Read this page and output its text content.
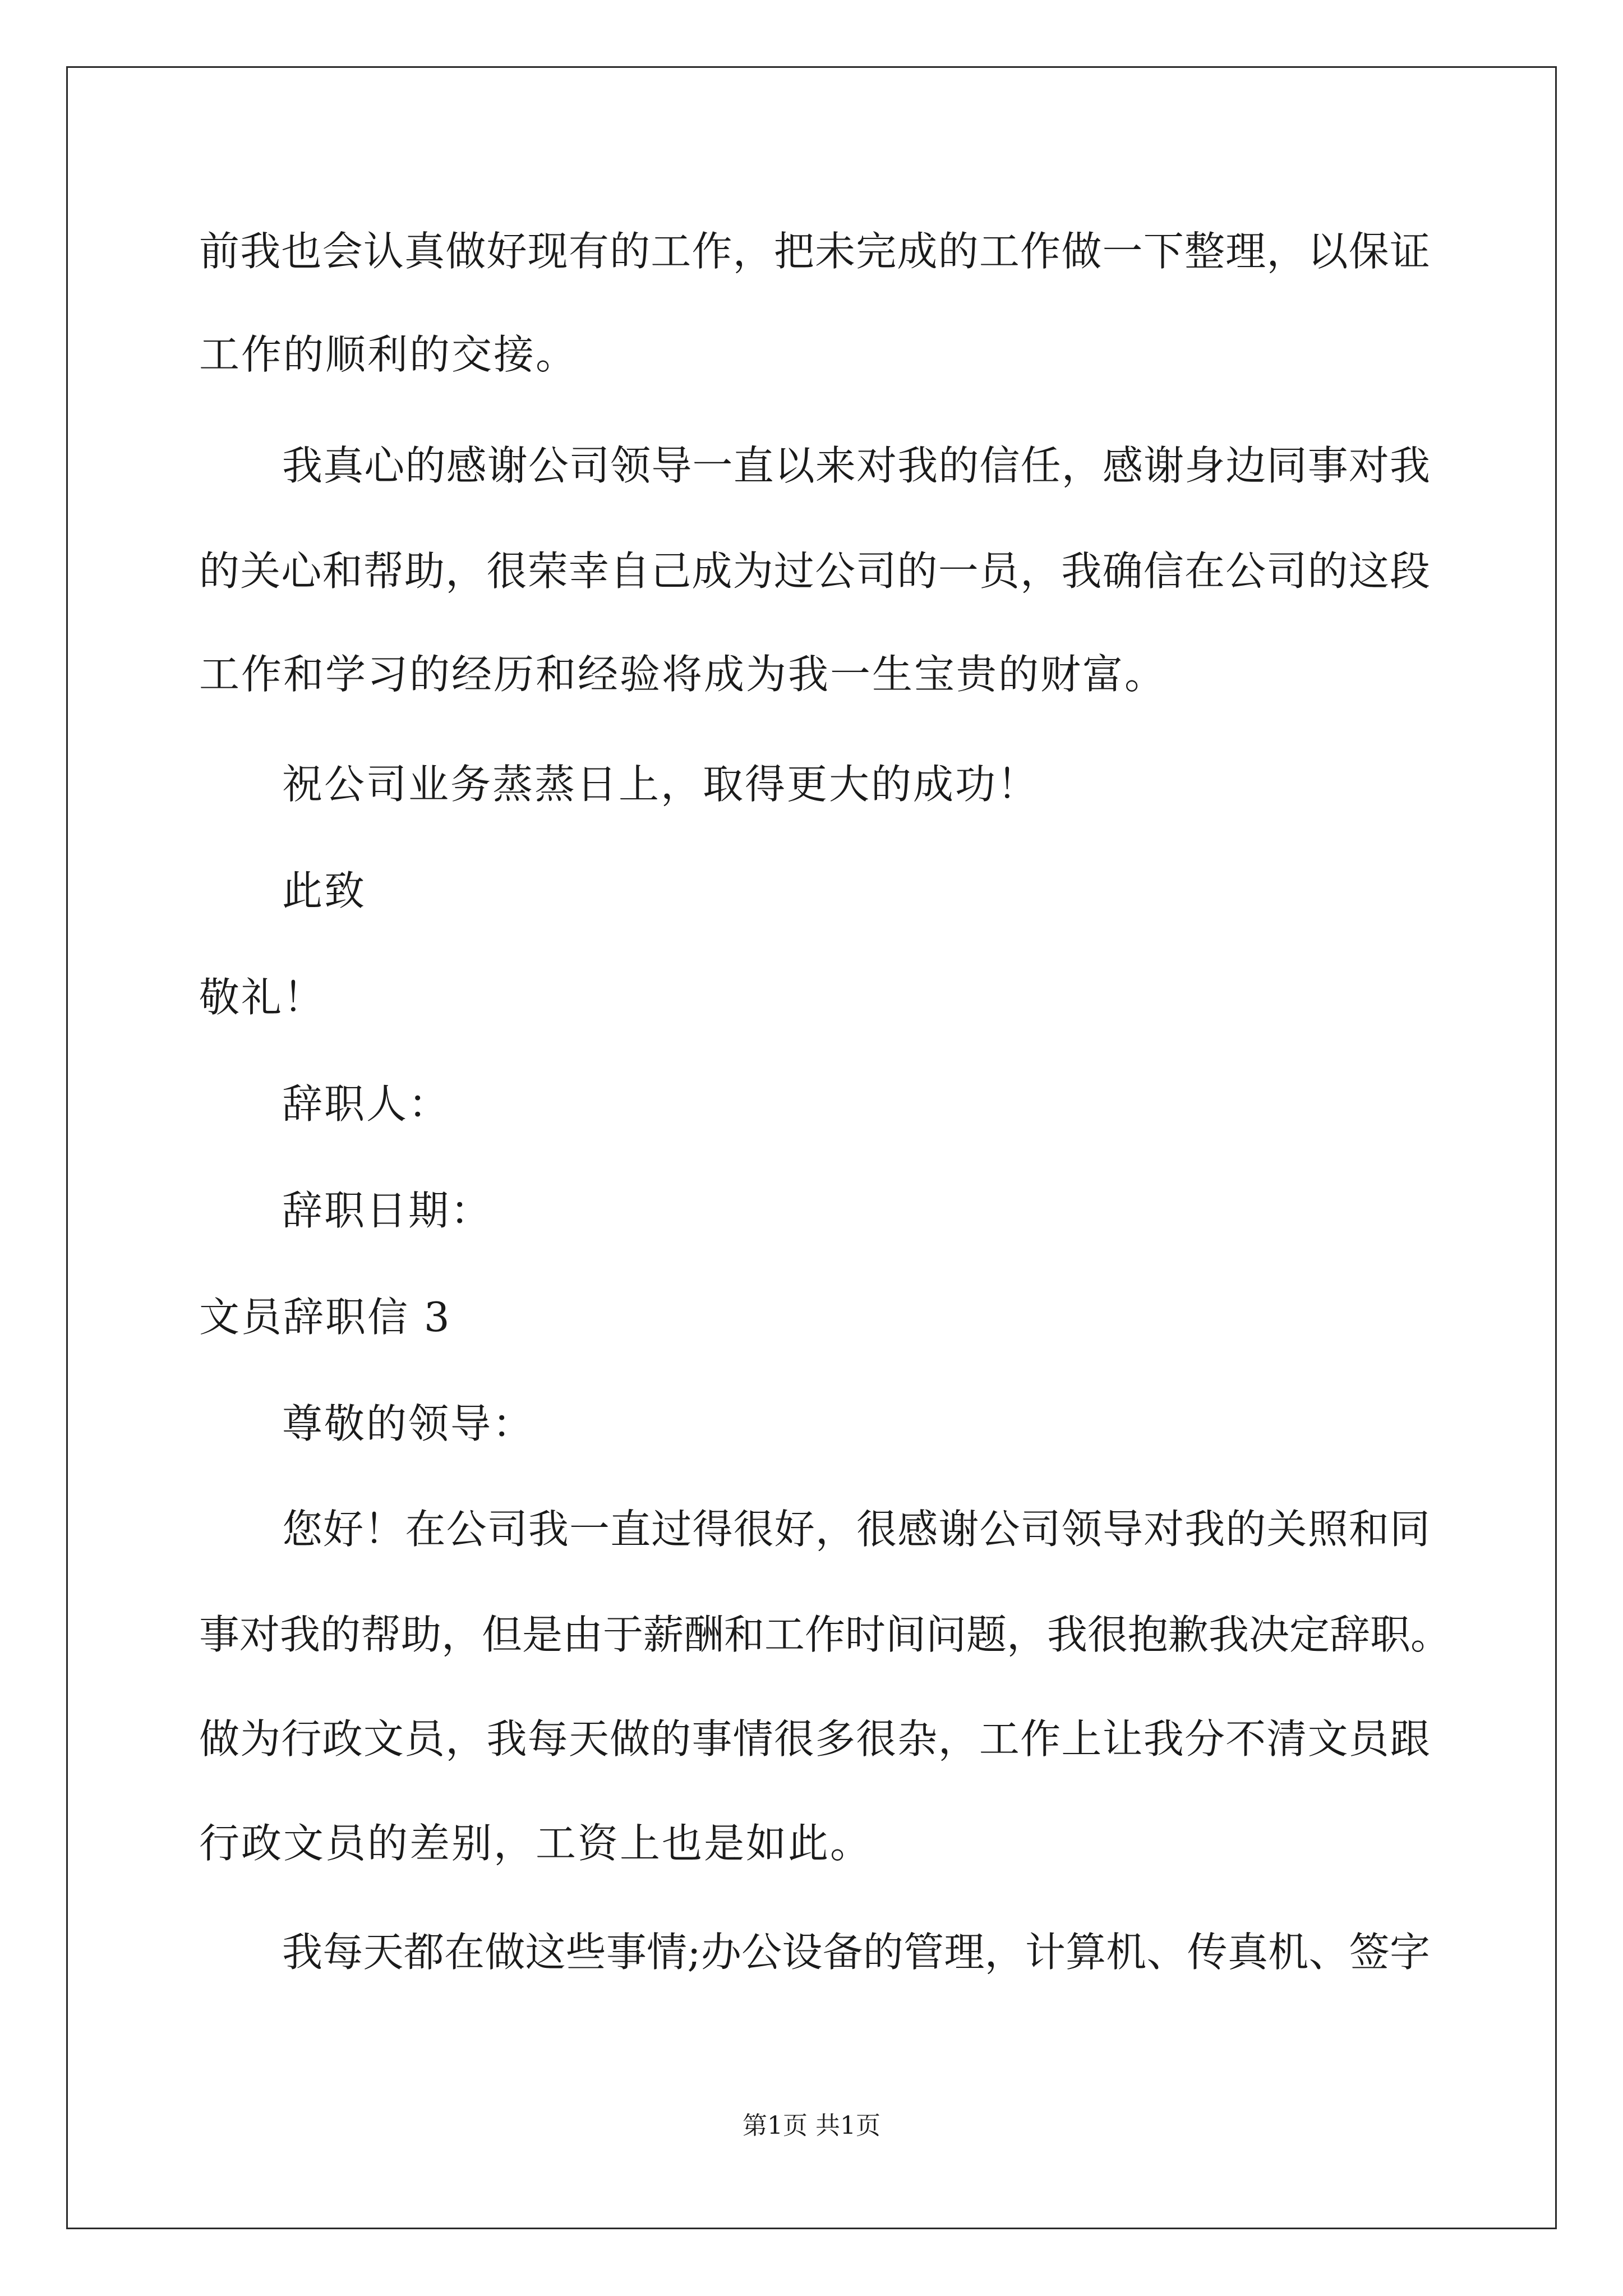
前我也会认真做好现有的工作，把未完成的工作做一下整理，以保证
工作的顺利的交接。
我真心的感谢公司领导一直以来对我的信任，感谢身边同事对我
的关心和帮助，很荣幸自己成为过公司的一员，我确信在公司的这段
工作和学习的经历和经验将成为我一生宝贵的财富。
祝公司业务蒸蒸日上，取得更大的成功！
此致
敬礼！
辞职人：
辞职日期：
文员辞职信 3
尊敬的领导：
您好！在公司我一直过得很好，很感谢公司领导对我的关照和同
事对我的帮助，但是由于薪酬和工作时间问题，我很抱歉我决定辞职。
做为行政文员，我每天做的事情很多很杂，工作上让我分不清文员跟
行政文员的差别，工资上也是如此。
我每天都在做这些事情;办公设备的管理，计算机、传真机、签字
第1页 共1页
